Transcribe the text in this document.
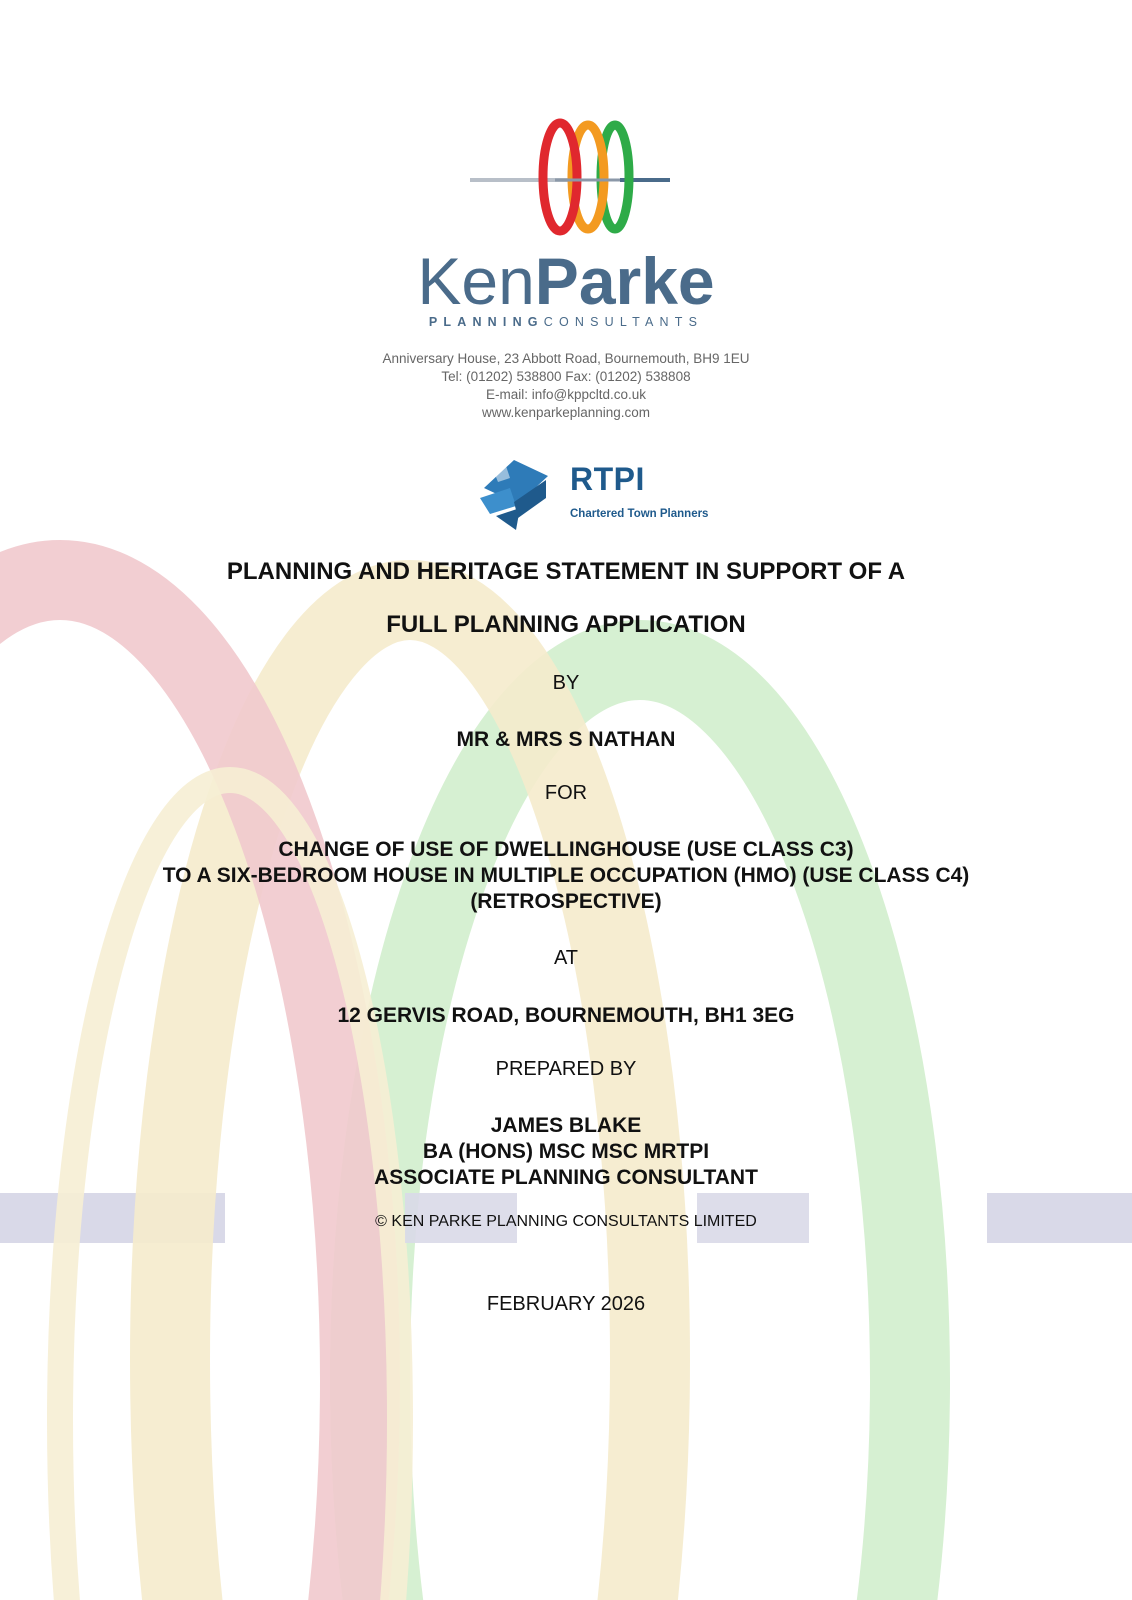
KenParke
PLANNINGCONSULTANTS
Anniversary House, 23 Abbott Road, Bournemouth, BH9 1EU
Tel: (01202) 538800 Fax: (01202) 538808
E-mail: info@kppcltd.co.uk
www.kenparkeplanning.com
RTPI
Chartered Town Planners
PLANNING AND HERITAGE STATEMENT IN SUPPORT OF A
FULL PLANNING APPLICATION
BY
MR & MRS S NATHAN
FOR
CHANGE OF USE OF DWELLINGHOUSE (USE CLASS C3)
TO A SIX-BEDROOM HOUSE IN MULTIPLE OCCUPATION (HMO) (USE CLASS C4)
(RETROSPECTIVE)
AT
12 GERVIS ROAD, BOURNEMOUTH, BH1 3EG
PREPARED BY
JAMES BLAKE
BA (HONS) MSC MSC MRTPI
ASSOCIATE PLANNING CONSULTANT
© KEN PARKE PLANNING CONSULTANTS LIMITED
FEBRUARY 2026
